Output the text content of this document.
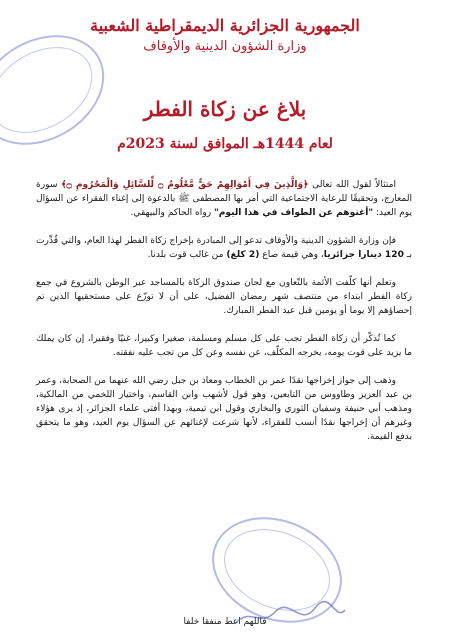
الجمهورية الجزائرية الديمقراطية الشعبية
وزارة الشؤون الدينية والأوقاف
بلاغ عن زكاة الفطر
لعام 1444هـ الموافق لسنة 2023م

امتثالاً لقول الله تعالى ﴿وَالَّذِينَ فِي أَمْوَالِهِمْ حَقٌّ مَّعْلُومٌ ۝ لِّلسَّائِلِ وَالْمَحْرُومِ ۝﴾ سورة المعارج، وتحقيقًا للرعاية الاجتماعية التي أمر بها المصطفى ﷺ بالدعوة إلى إغناء الفقراء عن السؤال يوم العيد: "أغنوهم عن الطواف في هذا اليوم" رواه الحاكم والبيهقي.

فإن وزارة الشؤون الدينية والأوقاف تدعو إلى المبادرة بإخراج زكاة الفطر لهذا العام، والتي قُدِّرت بـ 120 دينارا جزائريا، وهي قيمة صاع (2 كلغ) من غالب قوت بلدنا.

وتعلم أنها كلّفت الأئمة بالتّعاون مع لجان صندوق الزكاة بالمساجد عبر الوطن بالشروع في جمع زكاة الفطر ابتداء من منتصف شهر رمضان الفضيل، على أن لا توزّع على مستحقيها الذين تم إحصاؤهم إلا يوما أو يومين قبل عيد الفطر المبارك.

كما تُذكّر أن زكاة الفطر تجب على كل مسلم ومسلمة، صغيرا وكبيرا، غنيّا وفقيرا، إن كان يملك ما يزيد على قوت يومه، يخرجه المكلّف، عن نفسه وعن كل من تجب عليه نفقته.

وذهب إلى جواز إخراجها نقدًا عمر بن الخطاب ومعاذ بن جبل رضي الله عنهما من الصحابة، وعمر بن عبد العزيز وطاووس من التابعين، وهو قول لأشهب وابن القاسم، واختيار اللخمي من المالكية، ومذهب أبي حنيفة وسفيان الثوري والبخاري وقول ابن تيمية، وبهذا أفتى علماء الجزائر، إذ يرى هؤلاء وغيرهم أن إخراجها نقدًا أنسب للفقراء، لأنها شرعت لإغنائهم عن السؤال يوم العيد، وهو ما يتحقق بدفع القيمة.

فاللهم اعط منفقا خلفا
